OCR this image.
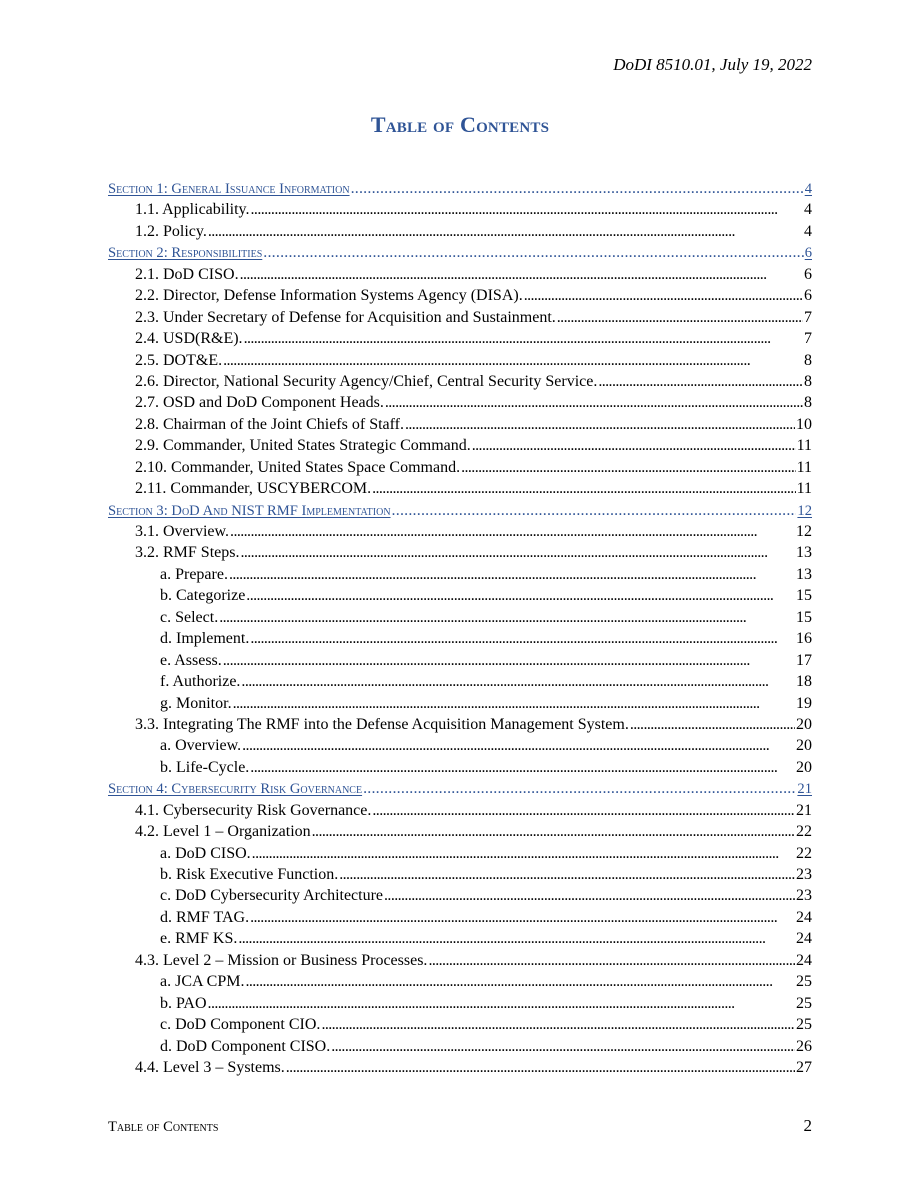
DoDI 8510.01, July 19, 2022
Table of Contents
Section 1: General Issuance Information . . .	4
1.1. Applicability. . . .	4
1.2. Policy. . . .	4
Section 2: Responsibilities . . .	6
2.1. DoD CISO. . . .	6
2.2. Director, Defense Information Systems Agency (DISA). . . .	6
2.3. Under Secretary of Defense for Acquisition and Sustainment. . . .	7
2.4. USD(R&E). . . .	7
2.5. DOT&E. . . .	8
2.6. Director, National Security Agency/Chief, Central Security Service. . . .	8
2.7. OSD and DoD Component Heads. . . .	8
2.8. Chairman of the Joint Chiefs of Staff. . . .	10
2.9. Commander, United States Strategic Command. . . .	11
2.10. Commander, United States Space Command. . . .	11
2.11. Commander, USCYBERCOM. . . .	11
Section 3: DoD And NIST RMF Implementation . . .	12
3.1. Overview. . . .	12
3.2. RMF Steps. . . .	13
a. Prepare. . . .	13
b. Categorize . . .	15
c. Select. . . .	15
d. Implement. . . .	16
e. Assess. . . .	17
f. Authorize. . . .	18
g. Monitor. . . .	19
3.3. Integrating The RMF into the Defense Acquisition Management System. . . .	20
a. Overview. . . .	20
b. Life-Cycle. . . .	20
Section 4: Cybersecurity Risk Governance . . .	21
4.1. Cybersecurity Risk Governance. . . .	21
4.2. Level 1 – Organization . . .	22
a. DoD CISO. . . .	22
b. Risk Executive Function. . . .	23
c. DoD Cybersecurity Architecture . . .	23
d. RMF TAG. . . .	24
e. RMF KS. . . .	24
4.3. Level 2 – Mission or Business Processes. . . .	24
a. JCA CPM. . . .	25
b. PAO . . .	25
c. DoD Component CIO. . . .	25
d. DoD Component CISO. . . .	26
4.4. Level 3 – Systems. . . .	27
Table of Contents	2
